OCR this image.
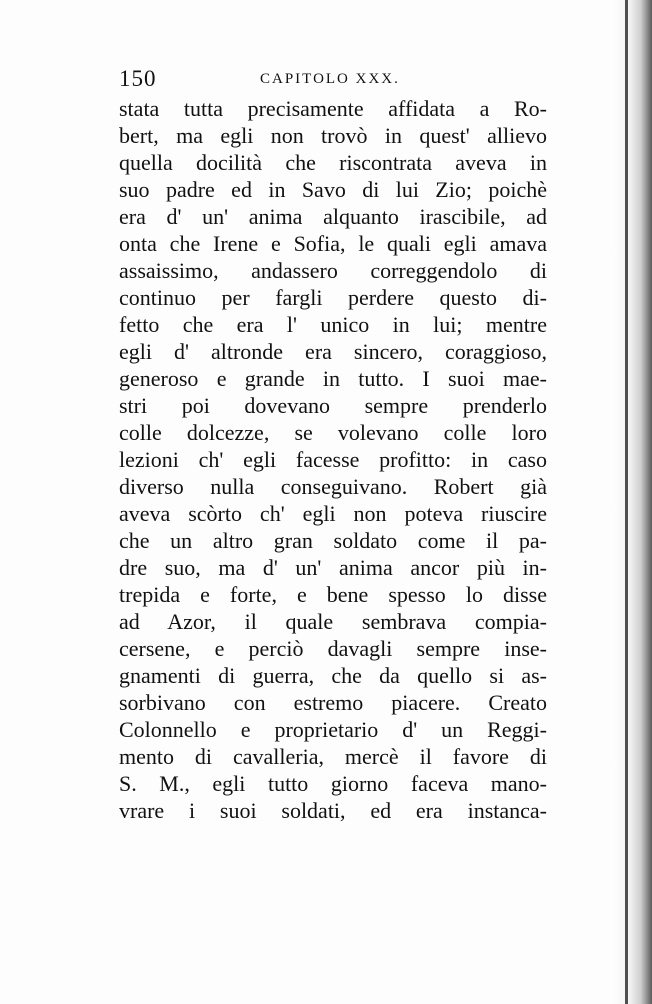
150	CAPITOLO XXX.
stata tutta precisamente affidata a Ro-
bert, ma egli non trovò in quest' allievo
quella docilità che riscontrata aveva in
suo padre ed in Savo di lui Zio; poichè
era d' un' anima alquanto irascibile, ad
onta che Irene e Sofia, le quali egli amava
assaissimo, andassero correggendolo di
continuo per fargli perdere questo di-
fetto che era l' unico in lui; mentre
egli d' altronde era sincero, coraggioso,
generoso e grande in tutto. I suoi mae-
stri poi dovevano sempre prenderlo
colle dolcezze, se volevano colle loro
lezioni ch' egli facesse profitto: in caso
diverso nulla conseguivano. Robert già
aveva scòrto ch' egli non poteva riuscire
che un altro gran soldato come il pa-
dre suo, ma d' un' anima ancor più in-
trepida e forte, e bene spesso lo disse
ad Azor, il quale sembrava compia-
cersene, e perciò davagli sempre inse-
gnamenti di guerra, che da quello si as-
sorbivano con estremo piacere. Creato
Colonnello e proprietario d' un Reggi-
mento di cavalleria, mercè il favore di
S. M., egli tutto giorno faceva mano-
vrare i suoi soldati, ed era instanca-
